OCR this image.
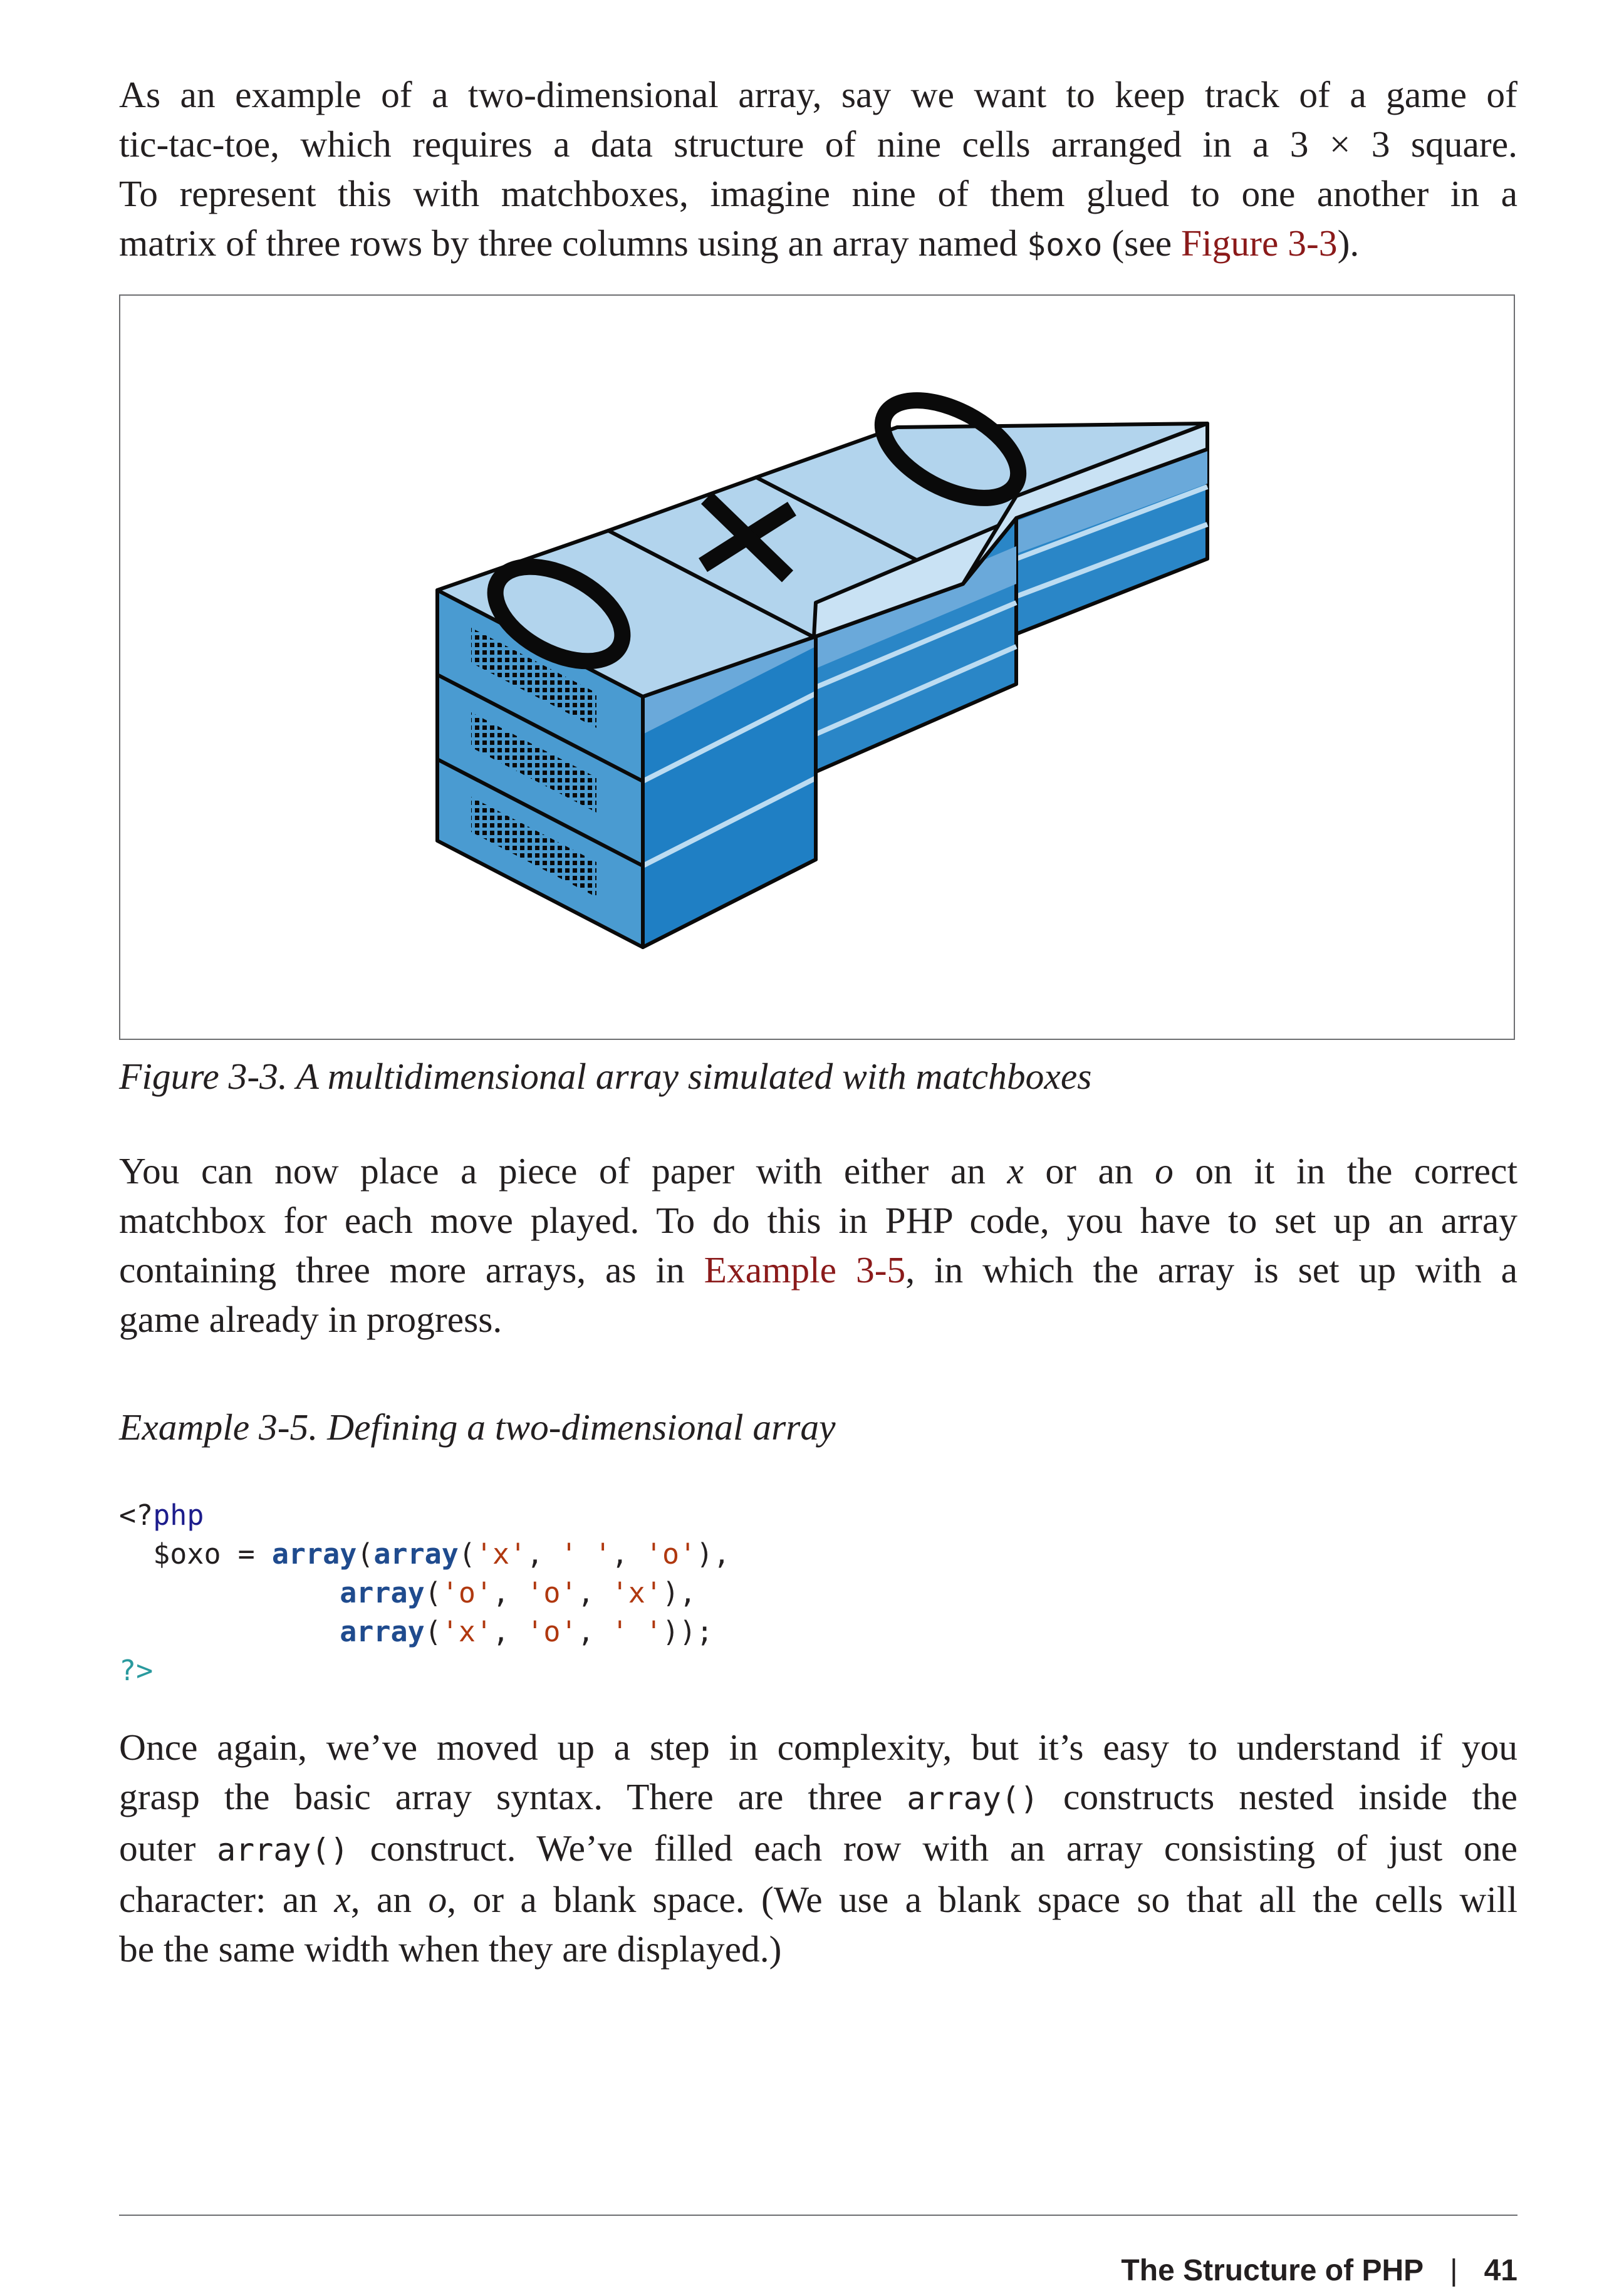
As an example of a two-dimensional array, say we want to keep track of a game of
tic-tac-toe, which requires a data structure of nine cells arranged in a 3 × 3 square.
To represent this with matchboxes, imagine nine of them glued to one another in a
matrix of three rows by three columns using an array named $oxo (see Figure 3-3).
Figure 3-3. A multidimensional array simulated with matchboxes
You can now place a piece of paper with either an x or an o on it in the correct
matchbox for each move played. To do this in PHP code, you have to set up an array
containing three more arrays, as in Example 3-5, in which the array is set up with a
game already in progress.
Example 3-5. Defining a two-dimensional array
<?php
$oxo = array(array('x', ' ', 'o'),
array('o', 'o', 'x'),
array('x', 'o', ' '));
?>
Once again, we’ve moved up a step in complexity, but it’s easy to understand if you
grasp the basic array syntax. There are three array() constructs nested inside the
outer array() construct. We’ve filled each row with an array consisting of just one
character: an x, an o, or a blank space. (We use a blank space so that all the cells will
be the same width when they are displayed.)
The Structure of PHP | 41
